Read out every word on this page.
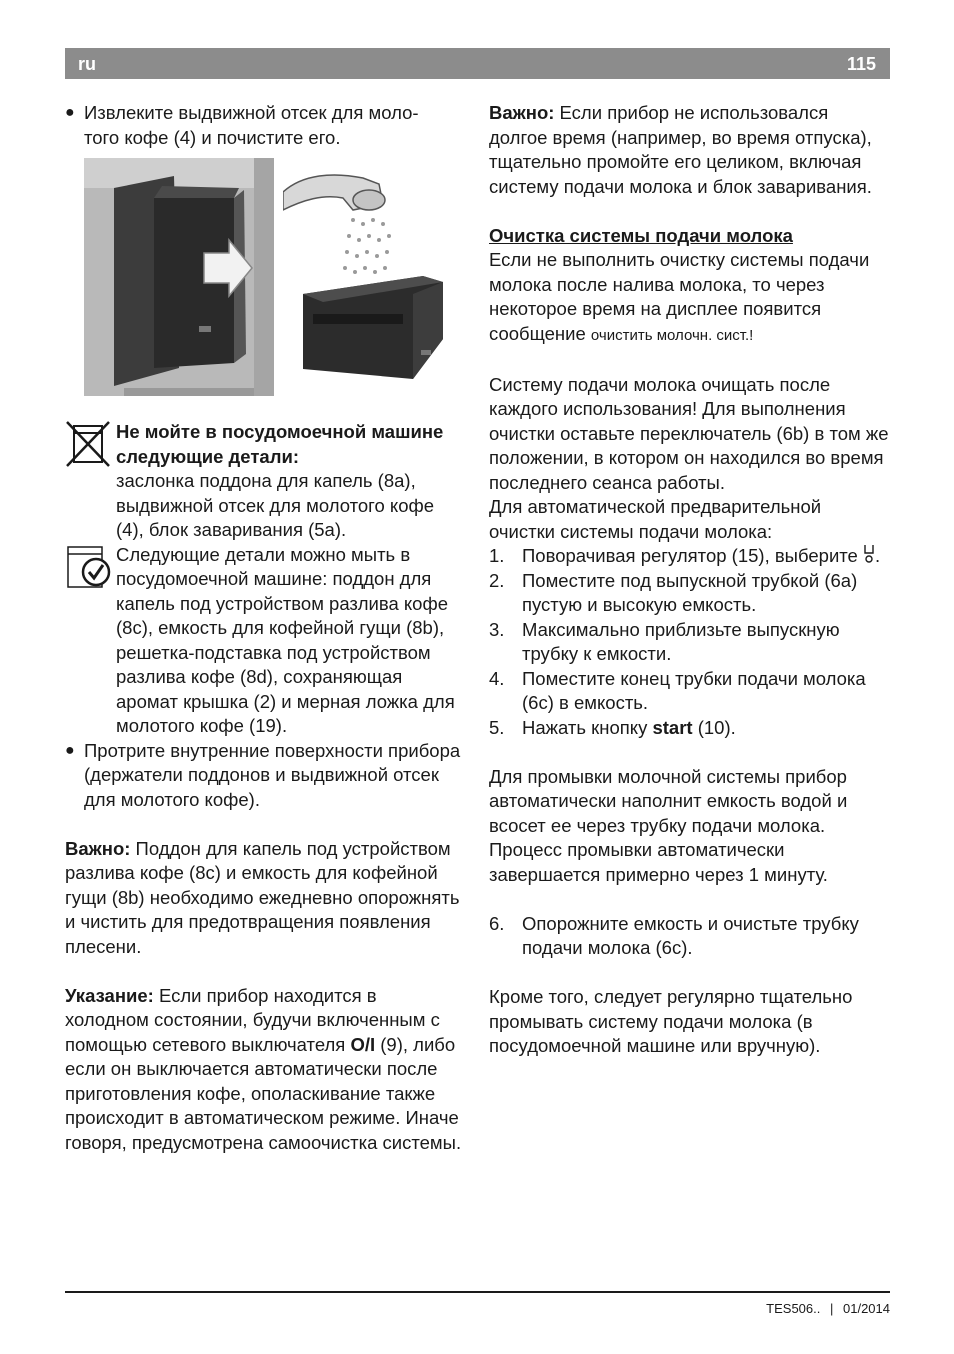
ru	115
● Извлеките выдвижной отсек для моло-
того кофе (4) и почистите его.

Не мойте в посудомоечной машине следующие детали:

заслонка поддона для капель (8a), выдвижной отсек для молотого кофе (4), блок заваривания (5a).

Следующие детали можно мыть в посудомоечной машине: поддон для капель под устройством разлива кофе (8c), емкость для кофейной гущи (8b), решетка-подставка под устройством разлива кофе (8d), сохраняющая аромат крышка (2) и мерная ложка для молотого кофе (19).

● Протрите внутренние поверхности прибора (держатели поддонов и выдвижной отсек для молотого кофе).

Важно: Поддон для капель под устройством разлива кофе (8c) и емкость для кофейной гущи (8b) необходимо ежедневно опорожнять и чистить для предотвращения появления плесени.

Указание: Если прибор находится в холодном состоянии, будучи включенным с помощью сетевого выключателя O/I (9), либо если он выключается автоматически после приготовления кофе, ополаскивание также происходит в автоматическом режиме. Иначе говоря, предусмотрена самоочистка системы.

Важно: Если прибор не использовался долгое время (например, во время отпуска), тщательно промойте его целиком, включая систему подачи молока и блок заваривания.

Очистка системы подачи молока

Если не выполнить очистку системы подачи молока после налива молока, то через некоторое время на дисплее появится сообщение очистить молочн. сист.!

Систему подачи молока очищать после каждого использования! Для выполнения очистки оставьте переключатель (6b) в том же положении, в котором он находился во время последнего сеанса работы.

Для автоматической предварительной очистки системы подачи молока:

1. Поворачивая регулятор (15), выберите .
2. Поместите под выпускной трубкой (6a) пустую и высокую емкость.
3. Максимально приблизьте выпускную трубку к емкости.
4. Поместите конец трубки подачи молока (6c) в емкость.
5. Нажать кнопку start (10).

Для промывки молочной системы прибор автоматически наполнит емкость водой и всосет ее через трубку подачи молока. Процесс промывки автоматически завершается примерно через 1 минуту.

6. Опорожните емкость и очистьте трубку подачи молока (6c).

Кроме того, следует регулярно тщательно промывать систему подачи молока (в посудомоечной машине или вручную).

TES506.. | 01/2014
